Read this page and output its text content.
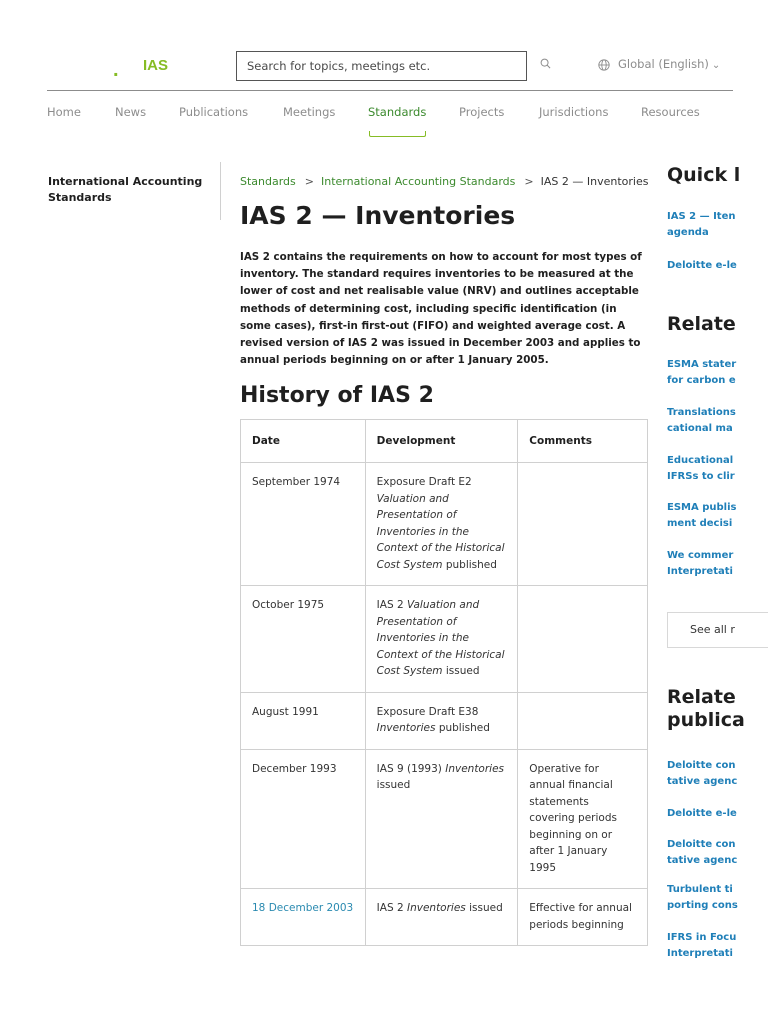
. IAS
Search for topics, meetings etc.	Global (English) ⌄
Home	News	Publications	Meetings	Standards	Projects	Jurisdictions	Resources
International Accounting Standards
Standards > International Accounting Standards > IAS 2 — Inventories
IAS 2 — Inventories

IAS 2 contains the requirements on how to account for most types of inventory. The standard requires inventories to be measured at the lower of cost and net realisable value (NRV) and outlines acceptable methods of determining cost, including specific identification (in some cases), first-in first-out (FIFO) and weighted average cost. A revised version of IAS 2 was issued in December 2003 and applies to annual periods beginning on or after 1 January 2005.

History of IAS 2
Date	Development	Comments
September 1974	Exposure Draft E2 Valuation and Presentation of Inventories in the Context of the Historical Cost System published	
October 1975	IAS 2 Valuation and Presentation of Inventories in the Context of the Historical Cost System issued	
August 1991	Exposure Draft E38 Inventories published	
December 1993	IAS 9 (1993) Inventories issued	Operative for annual financial statements covering periods beginning on or after 1 January 1995
18 December 2003	IAS 2 Inventories issued	Effective for annual periods beginning
Quick l
IAS 2 — Iten
agenda
Deloitte e-le
Relate
ESMA stater
for carbon e
Translations
cational ma
Educational
IFRSs to clir
ESMA publis
ment decisi
We commer
Interpretati
See all r
Relate
publica
Deloitte con
tative agenc
Deloitte e-le
Deloitte con
tative agenc
Turbulent ti
porting cons
IFRS in Focu
Interpretati
